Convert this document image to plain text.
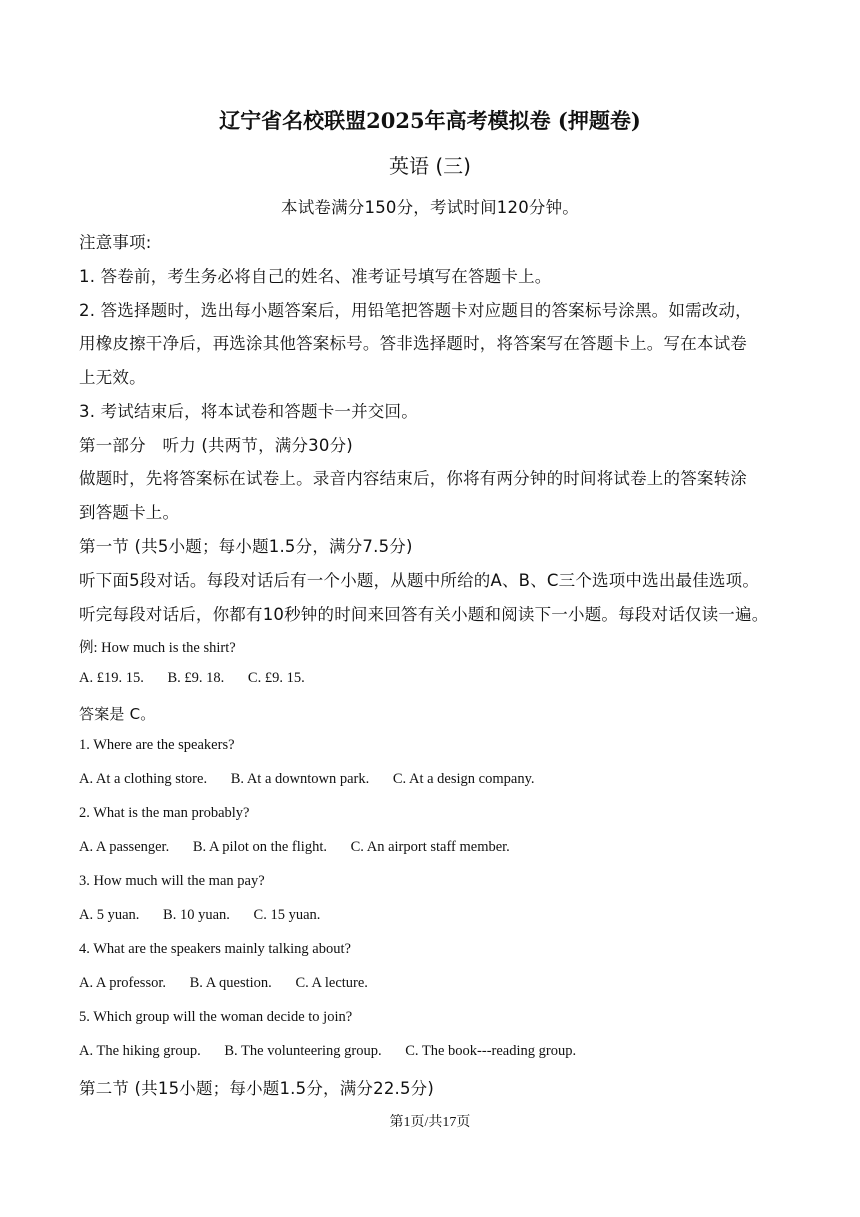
辽宁省名校联盟2025年高考模拟卷 (押题卷)
英语 (三)
本试卷满分150分，考试时间120分钟。
注意事项:
1. 答卷前，考生务必将自己的姓名、准考证号填写在答题卡上。
2. 答选择题时，选出每小题答案后，用铅笔把答题卡对应题目的答案标号涂黑。如需改动，
用橡皮擦干净后，再选涂其他答案标号。答非选择题时，将答案写在答题卡上。写在本试卷
上无效。
3. 考试结束后，将本试卷和答题卡一并交回。
第一部分　听力 (共两节，满分30分)
做题时，先将答案标在试卷上。录音内容结束后，你将有两分钟的时间将试卷上的答案转涂
到答题卡上。
第一节 (共5小题；每小题1.5分，满分7.5分)
听下面5段对话。每段对话后有一个小题，从题中所给的A、B、C三个选项中选出最佳选项。
听完每段对话后，你都有10秒钟的时间来回答有关小题和阅读下一小题。每段对话仅读一遍。
例: How much is the shirt?
A. £19. 15. B. £9. 18. C. £9. 15.
答案是 C。
1. Where are the speakers?
A. At a clothing store. B. At a downtown park. C. At a design company.
2. What is the man probably?
A. A passenger. B. A pilot on the flight. C. An airport staff member.
3. How much will the man pay?
A. 5 yuan. B. 10 yuan. C. 15 yuan.
4. What are the speakers mainly talking about?
A. A professor. B. A question. C. A lecture.
5. Which group will the woman decide to join?
A. The hiking group. B. The volunteering group. C. The book---reading group.
第二节 (共15小题；每小题1.5分，满分22.5分)
第1页/共17页
